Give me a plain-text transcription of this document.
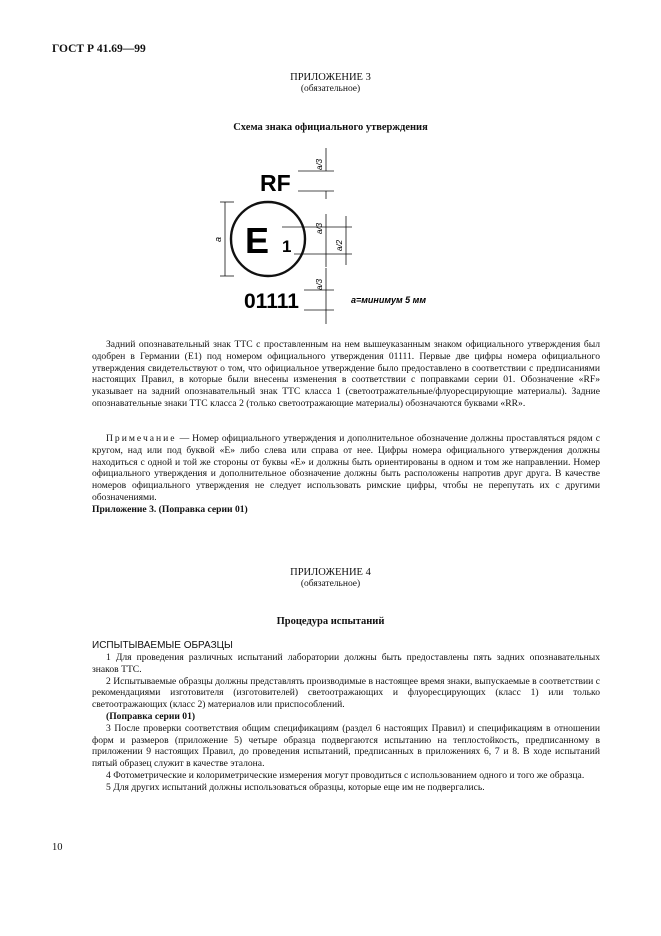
ГОСТ Р 41.69—99
ПРИЛОЖЕНИЕ 3
(обязательное)
Схема знака официального утверждения
RF
a/3
E 1
a
a/3
a/2
01111
a/3
a=минимум 5 мм

Задний опознавательный знак ТТС с проставленным на нем вышеуказанным знаком официального утверждения был одобрен в Германии (Е1) под номером официального утверждения 01111. Первые две цифры номера официального утверждения свидетельствуют о том, что официальное утверждение было предоставлено в соответствии с предписаниями настоящих Правил, в которые были внесены изменения в соответствии с поправками серии 01. Обозначение «RF» указывает на задний опознавательный знак ТТС класса 1 (светоотражательные/флуоресцирующие материалы). Задние опознавательные знаки ТТС класса 2 (только светоотражающие материалы) обозначаются буквами «RR».

Примечание — Номер официального утверждения и дополнительное обозначение должны проставляться рядом с кругом, над или под буквой «Е» либо слева или справа от нее. Цифры номера официального утверждения должны находиться с одной и той же стороны от буквы «Е» и должны быть ориентированы в одном и том же направлении. Номер официального утверждения и дополнительное обозначение должны быть расположены напротив друг друга. В качестве номеров официального утверждения не следует использовать римские цифры, чтобы не перепутать их с другими обозначениями.

Приложение 3. (Поправка серии 01)
ПРИЛОЖЕНИЕ 4
(обязательное)
Процедура испытаний
ИСПЫТЫВАЕМЫЕ ОБРАЗЦЫ

1 Для проведения различных испытаний лаборатории должны быть предоставлены пять задних опознавательных знаков ТТС.

2 Испытываемые образцы должны представлять производимые в настоящее время знаки, выпускаемые в соответствии с рекомендациями изготовителя (изготовителей) светоотражающих и флуоресцирующих (класс 1) или только светоотражающих (класс 2) материалов или приспособлений.

(Поправка серии 01)

3 После проверки соответствия общим спецификациям (раздел 6 настоящих Правил) и спецификациям в отношении форм и размеров (приложение 5) четыре образца подвергаются испытанию на теплостойкость, предписанному в приложении 9 настоящих Правил, до проведения испытаний, предписанных в приложениях 6, 7 и 8. В ходе испытаний пятый образец служит в качестве эталона.

4 Фотометрические и колориметрические измерения могут проводиться с использованием одного и того же образца.

5 Для других испытаний должны использоваться образцы, которые еще им не подвергались.

10
